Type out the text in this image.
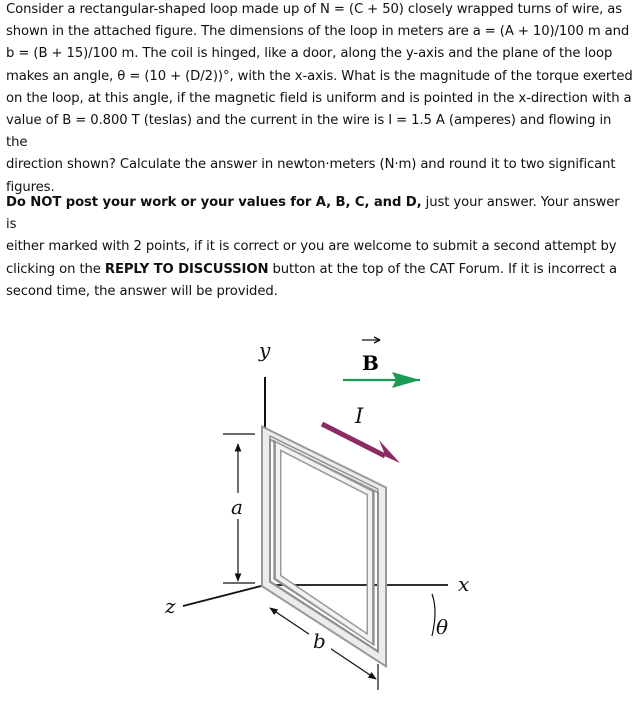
Consider a rectangular-shaped loop made up of N = (C + 50) closely wrapped turns of wire, as
shown in the attached figure. The dimensions of the loop in meters are a = (A + 10)/100 m and
b = (B + 15)/100 m. The coil is hinged, like a door, along the y-axis and the plane of the loop
makes an angle, θ = (10 + (D/2))°, with the x-axis. What is the magnitude of the torque exerted
on the loop, at this angle, if the magnetic field is uniform and is pointed in the x-direction with a
value of B = 0.800 T (teslas) and the current in the wire is I = 1.5 A (amperes) and flowing in the
direction shown? Calculate the answer in newton·meters (N·m) and round it to two significant
figures.
Do NOT post your work or your values for A, B, C, and D, just your answer. Your answer is
either marked with 2 points, if it is correct or you are welcome to submit a second attempt by
clicking on the REPLY TO DISCUSSION button at the top of the CAT Forum. If it is incorrect a
second time, the answer will be provided.
y
B
I
a
x
z
b
θ
